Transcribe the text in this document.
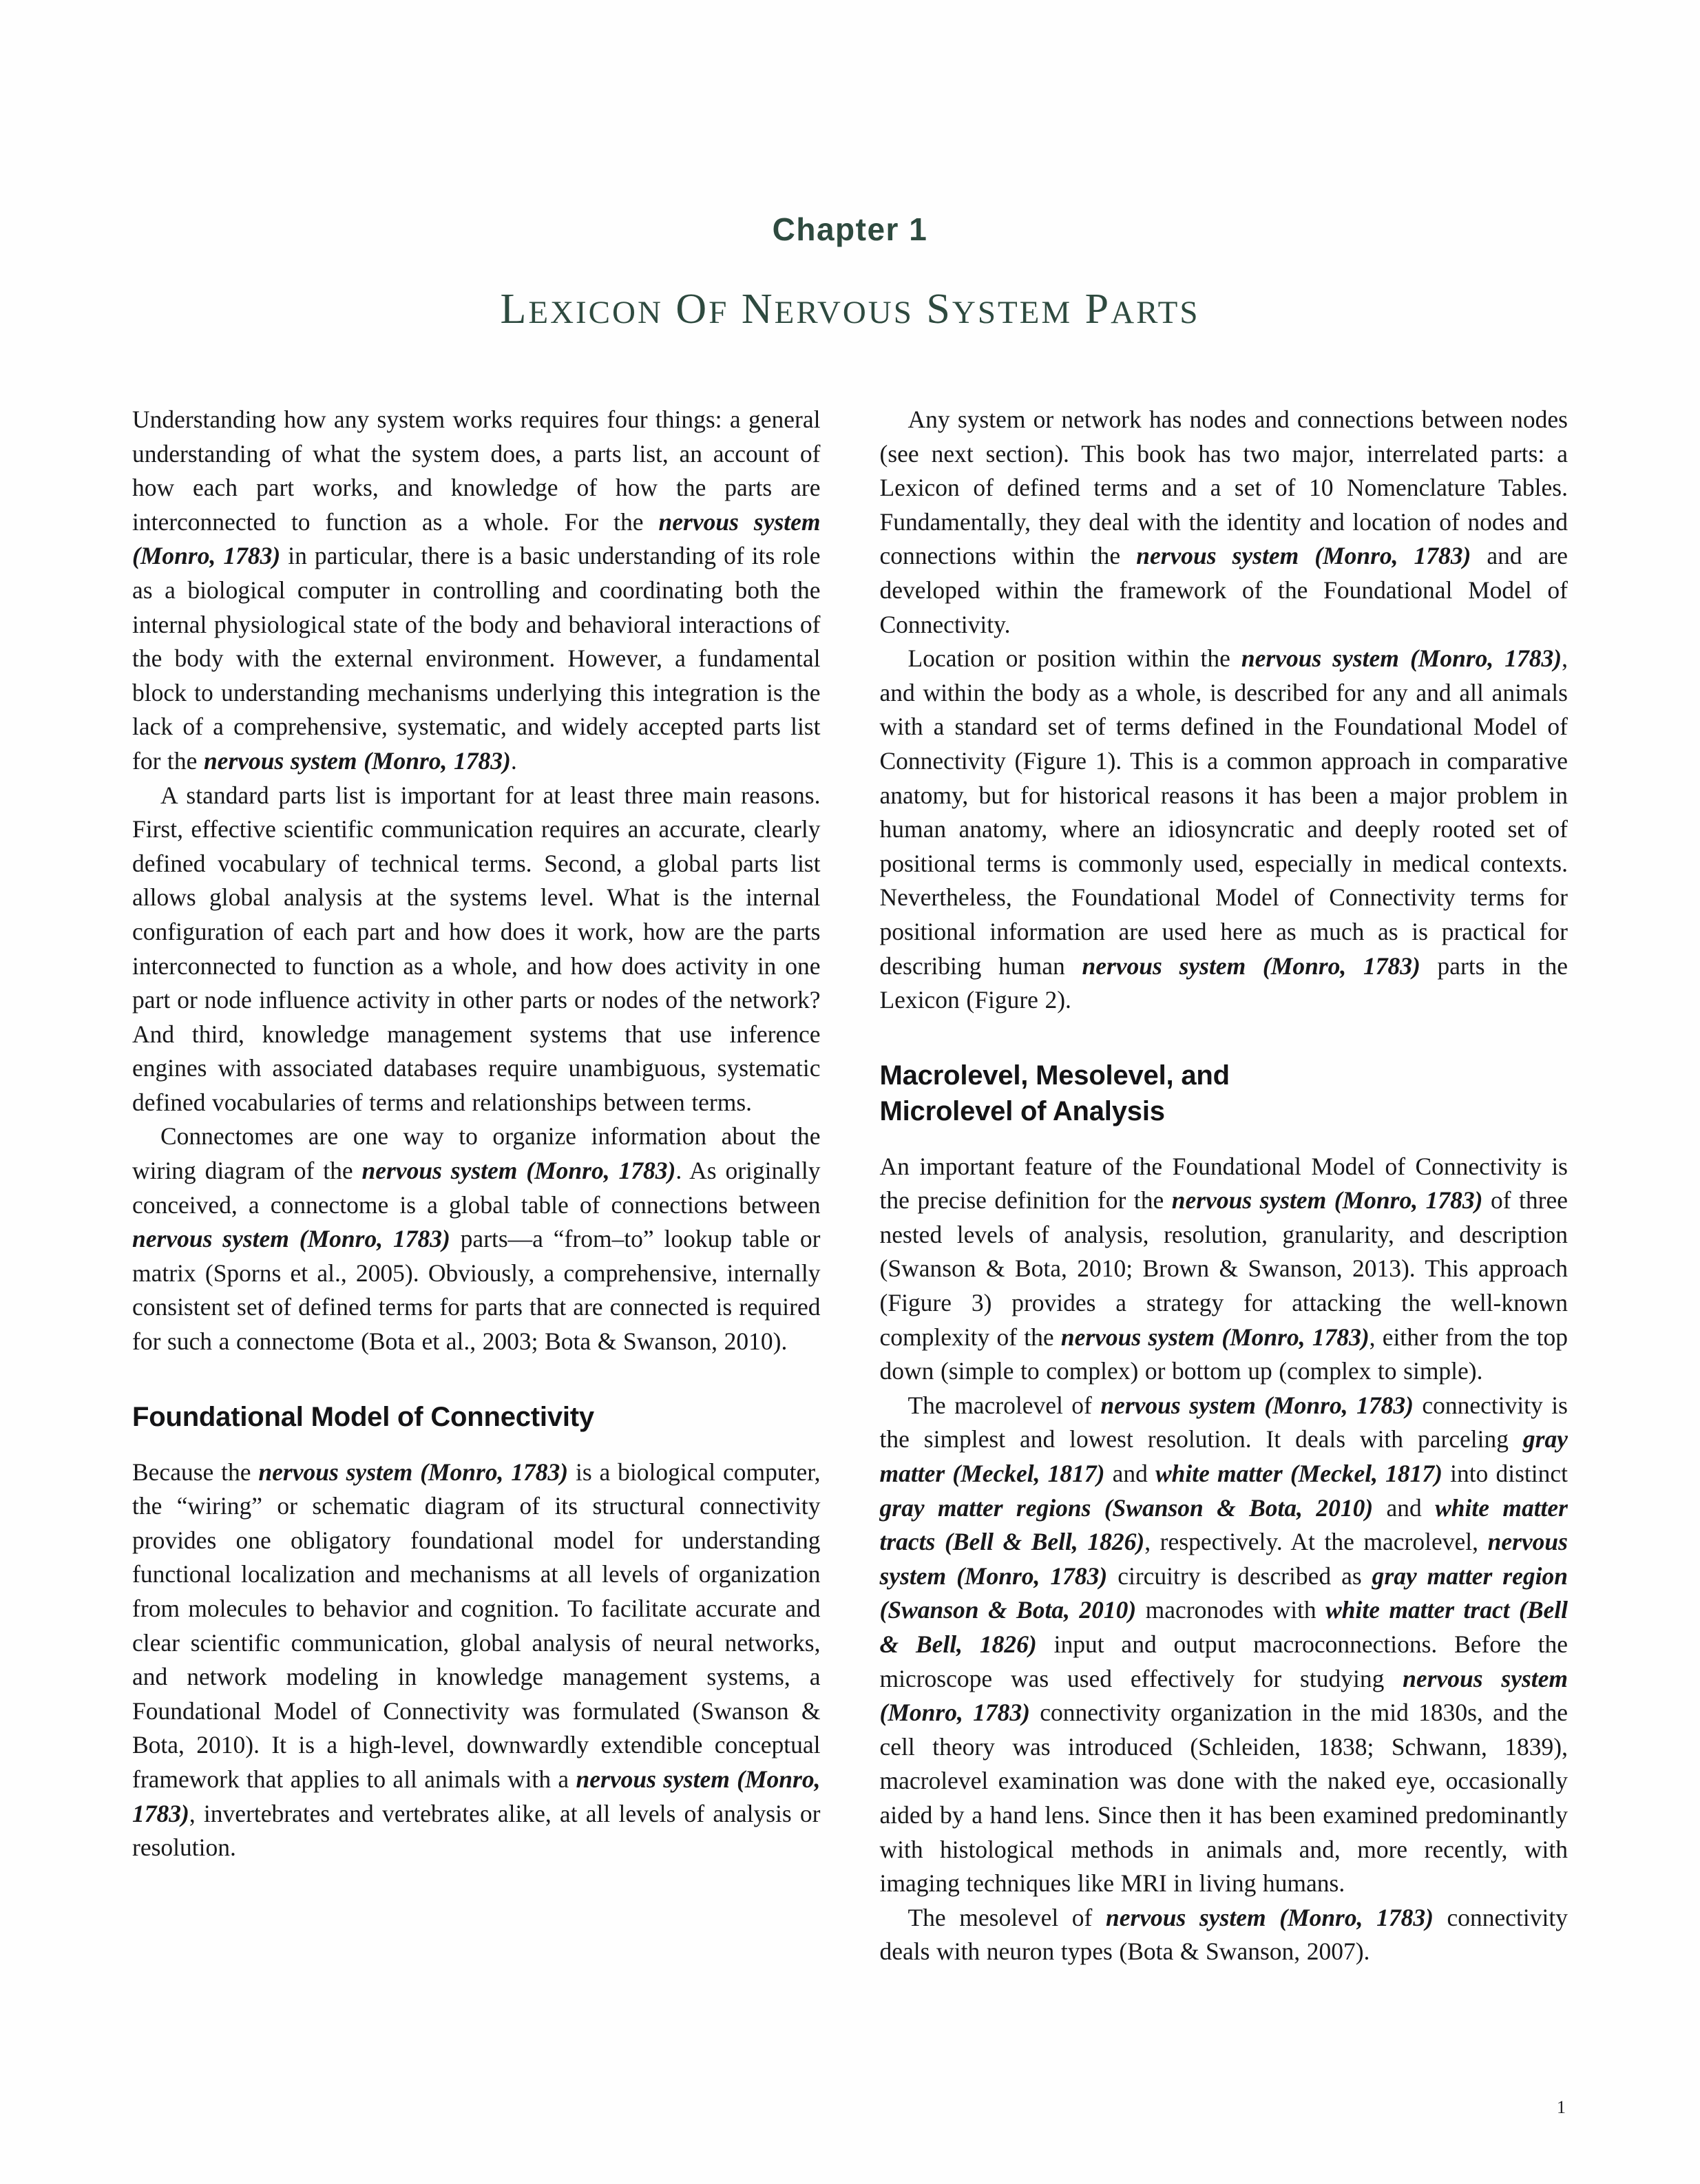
Chapter 1
LEXICON OF NERVOUS SYSTEM PARTS

Understanding how any system works requires four things: a general understanding of what the system does, a parts list, an account of how each part works, and knowledge of how the parts are interconnected to function as a whole. For the nervous system (Monro, 1783) in particular, there is a basic understanding of its role as a biological computer in controlling and coordinating both the internal physiological state of the body and behavioral interactions of the body with the external environment. However, a fundamental block to understanding mechanisms underlying this integration is the lack of a comprehensive, systematic, and widely accepted parts list for the nervous system (Monro, 1783).

A standard parts list is important for at least three main reasons. First, effective scientific communication requires an accurate, clearly defined vocabulary of technical terms. Second, a global parts list allows global analysis at the systems level. What is the internal configuration of each part and how does it work, how are the parts interconnected to function as a whole, and how does activity in one part or node influence activity in other parts or nodes of the network? And third, knowledge management systems that use inference engines with associated databases require unambiguous, systematic defined vocabularies of terms and relationships between terms.

Connectomes are one way to organize information about the wiring diagram of the nervous system (Monro, 1783). As originally conceived, a connectome is a global table of connections between nervous system (Monro, 1783) parts—a “from–to” lookup table or matrix (Sporns et al., 2005). Obviously, a comprehensive, internally consistent set of defined terms for parts that are connected is required for such a connectome (Bota et al., 2003; Bota & Swanson, 2010).

Foundational Model of Connectivity

Because the nervous system (Monro, 1783) is a biological computer, the “wiring” or schematic diagram of its structural connectivity provides one obligatory foundational model for understanding functional localization and mechanisms at all levels of organization from molecules to behavior and cognition. To facilitate accurate and clear scientific communication, global analysis of neural networks, and network modeling in knowledge management systems, a Foundational Model of Connectivity was formulated (Swanson & Bota, 2010). It is a high-level, downwardly extendible conceptual framework that applies to all animals with a nervous system (Monro, 1783), invertebrates and vertebrates alike, at all levels of analysis or resolution.

Any system or network has nodes and connections between nodes (see next section). This book has two major, interrelated parts: a Lexicon of defined terms and a set of 10 Nomenclature Tables. Fundamentally, they deal with the identity and location of nodes and connections within the nervous system (Monro, 1783) and are developed within the framework of the Foundational Model of Connectivity.

Location or position within the nervous system (Monro, 1783), and within the body as a whole, is described for any and all animals with a standard set of terms defined in the Foundational Model of Connectivity (Figure 1). This is a common approach in comparative anatomy, but for historical reasons it has been a major problem in human anatomy, where an idiosyncratic and deeply rooted set of positional terms is commonly used, especially in medical contexts. Nevertheless, the Foundational Model of Connectivity terms for positional information are used here as much as is practical for describing human nervous system (Monro, 1783) parts in the Lexicon (Figure 2).

Macrolevel, Mesolevel, and
Microlevel of Analysis

An important feature of the Foundational Model of Connectivity is the precise definition for the nervous system (Monro, 1783) of three nested levels of analysis, resolution, granularity, and description (Swanson & Bota, 2010; Brown & Swanson, 2013). This approach (Figure 3) provides a strategy for attacking the well-known complexity of the nervous system (Monro, 1783), either from the top down (simple to complex) or bottom up (complex to simple).

The macrolevel of nervous system (Monro, 1783) connectivity is the simplest and lowest resolution. It deals with parceling gray matter (Meckel, 1817) and white matter (Meckel, 1817) into distinct gray matter regions (Swanson & Bota, 2010) and white matter tracts (Bell & Bell, 1826), respectively. At the macrolevel, nervous system (Monro, 1783) circuitry is described as gray matter region (Swanson & Bota, 2010) macronodes with white matter tract (Bell & Bell, 1826) input and output macroconnections. Before the microscope was used effectively for studying nervous system (Monro, 1783) connectivity organization in the mid 1830s, and the cell theory was introduced (Schleiden, 1838; Schwann, 1839), macrolevel examination was done with the naked eye, occasionally aided by a hand lens. Since then it has been examined predominantly with histological methods in animals and, more recently, with imaging techniques like MRI in living humans.

The mesolevel of nervous system (Monro, 1783) connectivity deals with neuron types (Bota & Swanson, 2007).

1
